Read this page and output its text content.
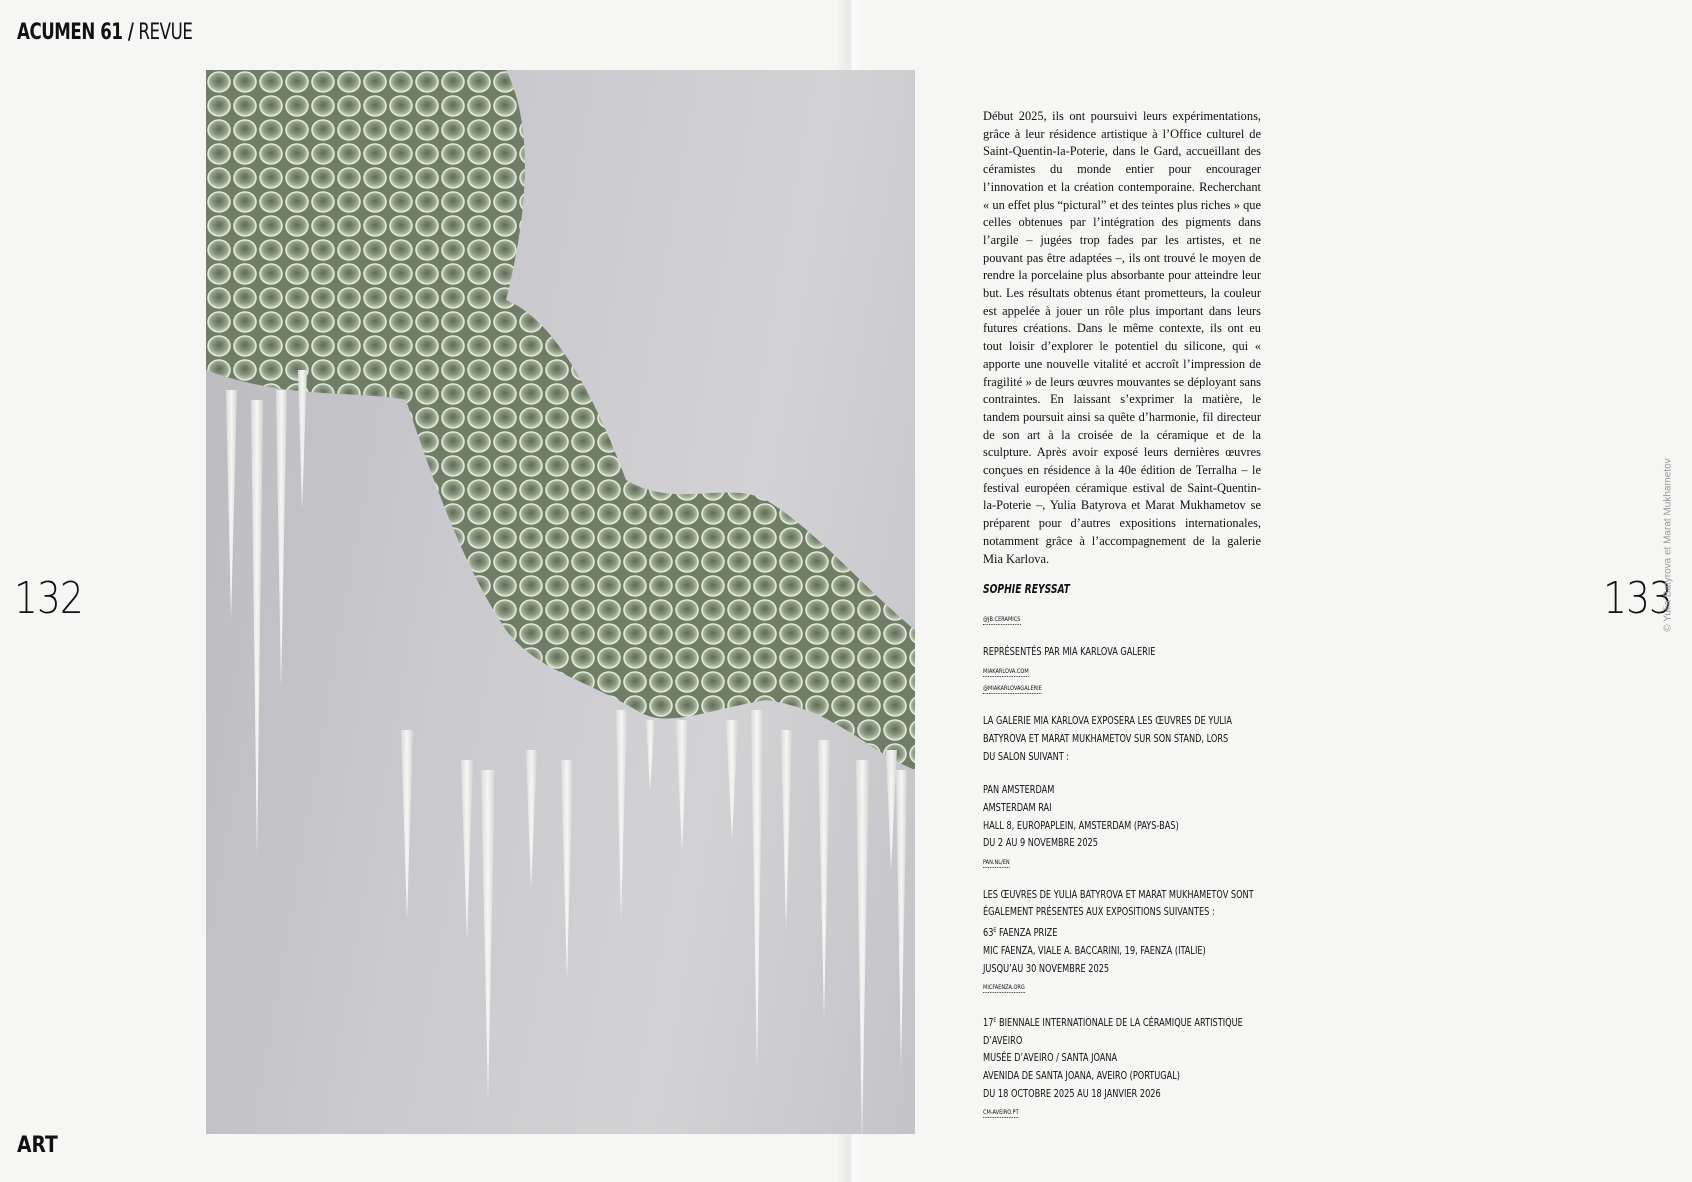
ACUMEN 61 / REVUE
132	133
ART
© Yulia Batyrova et Marat Mukhametov

Début 2025, ils ont poursuivi leurs expérimentations, grâce à leur résidence artistique à l’Office culturel de Saint-Quentin-la-Poterie, dans le Gard, accueillant des céramistes du monde entier pour encourager l’innovation et la création contemporaine. Recherchant « un effet plus “pictural” et des teintes plus riches » que celles obtenues par l’intégration des pigments dans l’argile – jugées trop fades par les artistes, et ne pouvant pas être adaptées –, ils ont trouvé le moyen de rendre la porcelaine plus absorbante pour atteindre leur but. Les résultats obtenus étant prometteurs, la couleur est appelée à jouer un rôle plus important dans leurs futures créations. Dans le même contexte, ils ont eu tout loisir d’explorer le potentiel du silicone, qui « apporte une nouvelle vitalité et accroît l’impression de fragilité » de leurs œuvres mouvantes se déployant sans contraintes. En laissant s’exprimer la matière, le tandem poursuit ainsi sa quête d’harmonie, fil directeur de son art à la croisée de la céramique et de la sculpture. Après avoir exposé leurs dernières œuvres conçues en résidence à la 40e édition de Terralha – le festival européen céramique estival de Saint-Quentin-la-Poterie –, Yulia Batyrova et Marat Mukhametov se préparent pour d’autres expositions internationales, notamment grâce à l’accompagnement de la galerie Mia Karlova.

SOPHIE REYSSAT
@JB.CERAMICS
REPRÉSENTÉS PAR MIA KARLOVA GALERIE
MIAKARLOVA.COM
@MIAKARLOVAGALERIE
LA GALERIE MIA KARLOVA EXPOSERA LES ŒUVRES DE YULIA
BATYROVA ET MARAT MUKHAMETOV SUR SON STAND, LORS
DU SALON SUIVANT :
PAN AMSTERDAM
AMSTERDAM RAI
HALL 8, EUROPAPLEIN, AMSTERDAM (PAYS-BAS)
DU 2 AU 9 NOVEMBRE 2025
PAN.NL/EN
LES ŒUVRES DE YULIA BATYROVA ET MARAT MUKHAMETOV SONT
ÉGALEMENT PRÉSENTES AUX EXPOSITIONS SUIVANTES :
$63^E$ FAENZA PRIZE
MIC FAENZA, VIALE A. BACCARINI, 19, FAENZA (ITALIE)
JUSQU’AU 30 NOVEMBRE 2025
MICFAENZA.ORG
$17^E$ BIENNALE INTERNATIONALE DE LA CÉRAMIQUE ARTISTIQUE
D’AVEIRO
MUSÉE D’AVEIRO / SANTA JOANA
AVENIDA DE SANTA JOANA, AVEIRO (PORTUGAL)
DU 18 OCTOBRE 2025 AU 18 JANVIER 2026
CM-AVEIRO.PT
